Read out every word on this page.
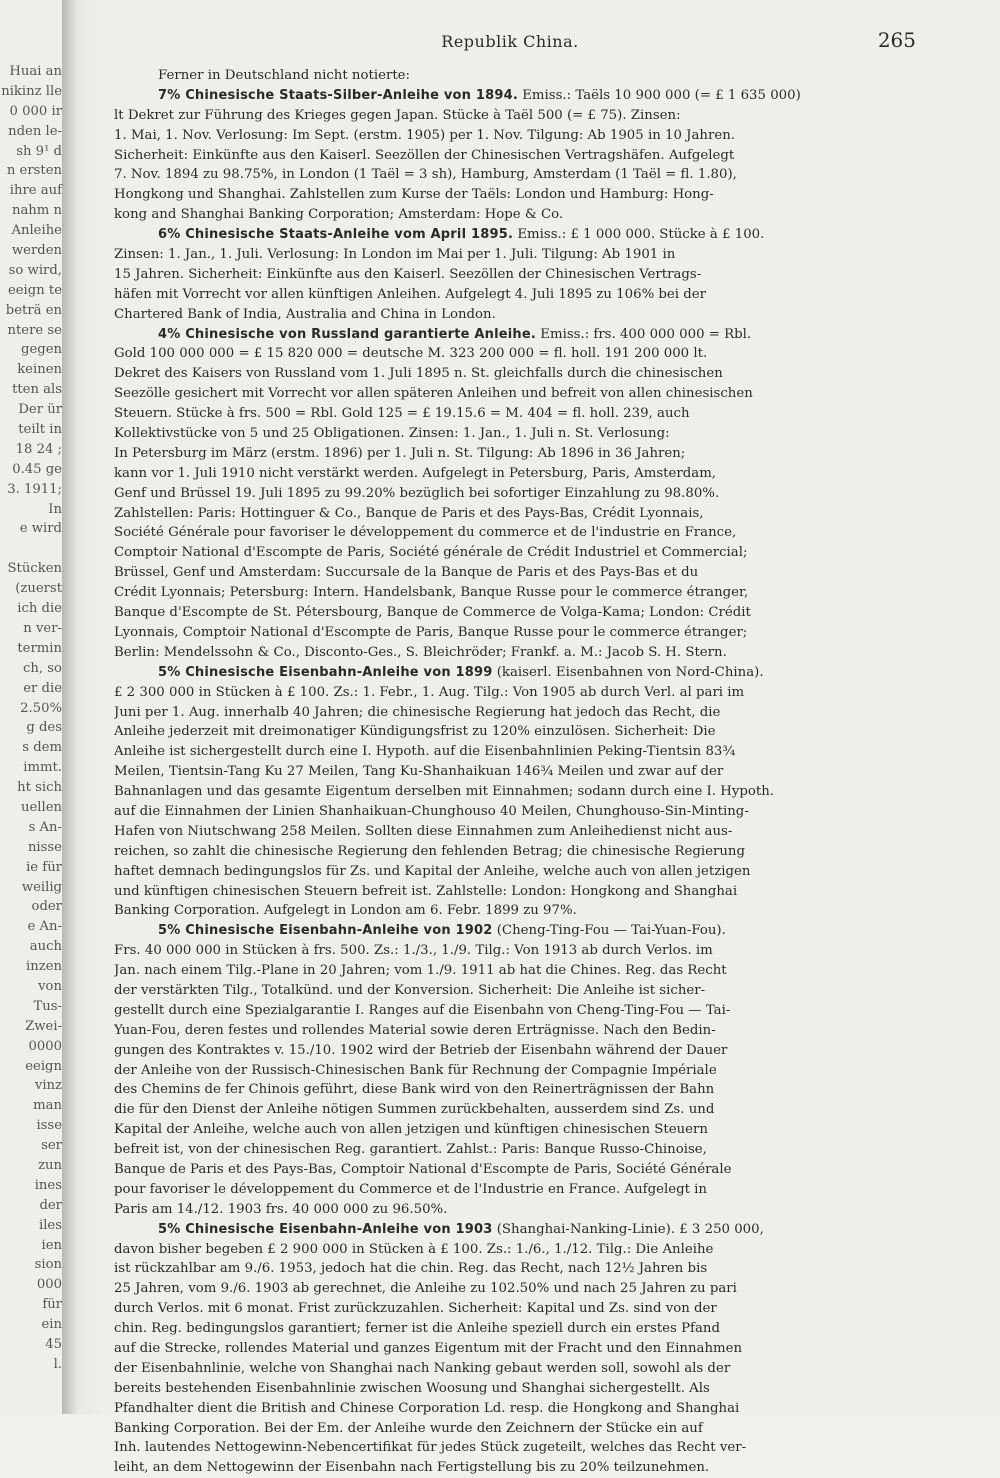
Huai an
nikinz lle
0 000 ir
nden le-
sh 9¹ d
n ersten
ihre auf
nahm n
Anleihe
werden
so wird,
eeign te
beträ en
ntere se
gegen
keinen
tten als
Der ür
teilt in
18 24 ;
0.45 ge
3. 1911;
In
e wird
Stücken
(zuerst
ich die
n ver-
termin
ch, so
er die
2.50%
g des
s dem
immt.
ht sich
uellen
s An-
nisse
ie für
weilig
oder
e An-
auch
inzen
von
Tus-
Zwei-
0000
eeign
vinz
man
isse
ser
zun
ines
der
iles
ien
sion
000
für
ein
45
l.
Republik China.	265
Ferner in Deutschland nicht notierte:
7% Chinesische Staats-Silber-Anleihe von 1894. Emiss.: Taëls 10 900 000 (= £ 1 635 000)
lt Dekret zur Führung des Krieges gegen Japan. Stücke à Taël 500 (= £ 75). Zinsen:
1. Mai, 1. Nov. Verlosung: Im Sept. (erstm. 1905) per 1. Nov. Tilgung: Ab 1905 in 10 Jahren.
Sicherheit: Einkünfte aus den Kaiserl. Seezöllen der Chinesischen Vertragshäfen. Aufgelegt
7. Nov. 1894 zu 98.75%, in London (1 Taël = 3 sh), Hamburg, Amsterdam (1 Taël = fl. 1.80),
Hongkong und Shanghai. Zahlstellen zum Kurse der Taëls: London und Hamburg: Hong-
kong and Shanghai Banking Corporation; Amsterdam: Hope & Co.
6% Chinesische Staats-Anleihe vom April 1895. Emiss.: £ 1 000 000. Stücke à £ 100.
Zinsen: 1. Jan., 1. Juli. Verlosung: In London im Mai per 1. Juli. Tilgung: Ab 1901 in
15 Jahren. Sicherheit: Einkünfte aus den Kaiserl. Seezöllen der Chinesischen Vertrags-
häfen mit Vorrecht vor allen künftigen Anleihen. Aufgelegt 4. Juli 1895 zu 106% bei der
Chartered Bank of India, Australia and China in London.
4% Chinesische von Russland garantierte Anleihe. Emiss.: frs. 400 000 000 = Rbl.
Gold 100 000 000 = £ 15 820 000 = deutsche M. 323 200 000 = fl. holl. 191 200 000 lt.
Dekret des Kaisers von Russland vom 1. Juli 1895 n. St. gleichfalls durch die chinesischen
Seezölle gesichert mit Vorrecht vor allen späteren Anleihen und befreit von allen chinesischen
Steuern. Stücke à frs. 500 = Rbl. Gold 125 = £ 19.15.6 = M. 404 = fl. holl. 239, auch
Kollektivstücke von 5 und 25 Obligationen. Zinsen: 1. Jan., 1. Juli n. St. Verlosung:
In Petersburg im März (erstm. 1896) per 1. Juli n. St. Tilgung: Ab 1896 in 36 Jahren;
kann vor 1. Juli 1910 nicht verstärkt werden. Aufgelegt in Petersburg, Paris, Amsterdam,
Genf und Brüssel 19. Juli 1895 zu 99.20% bezüglich bei sofortiger Einzahlung zu 98.80%.
Zahlstellen: Paris: Hottinguer & Co., Banque de Paris et des Pays-Bas, Crédit Lyonnais,
Société Générale pour favoriser le développement du commerce et de l'industrie en France,
Comptoir National d'Escompte de Paris, Société générale de Crédit Industriel et Commercial;
Brüssel, Genf und Amsterdam: Succursale de la Banque de Paris et des Pays-Bas et du
Crédit Lyonnais; Petersburg: Intern. Handelsbank, Banque Russe pour le commerce étranger,
Banque d'Escompte de St. Pétersbourg, Banque de Commerce de Volga-Kama; London: Crédit
Lyonnais, Comptoir National d'Escompte de Paris, Banque Russe pour le commerce étranger;
Berlin: Mendelssohn & Co., Disconto-Ges., S. Bleichröder; Frankf. a. M.: Jacob S. H. Stern.
5% Chinesische Eisenbahn-Anleihe von 1899 (kaiserl. Eisenbahnen von Nord-China).
£ 2 300 000 in Stücken à £ 100. Zs.: 1. Febr., 1. Aug. Tilg.: Von 1905 ab durch Verl. al pari im
Juni per 1. Aug. innerhalb 40 Jahren; die chinesische Regierung hat jedoch das Recht, die
Anleihe jederzeit mit dreimonatiger Kündigungsfrist zu 120% einzulösen. Sicherheit: Die
Anleihe ist sichergestellt durch eine I. Hypoth. auf die Eisenbahnlinien Peking-Tientsin 83¾
Meilen, Tientsin-Tang Ku 27 Meilen, Tang Ku-Shanhaikuan 146¾ Meilen und zwar auf der
Bahnanlagen und das gesamte Eigentum derselben mit Einnahmen; sodann durch eine I. Hypoth.
auf die Einnahmen der Linien Shanhaikuan-Chunghouso 40 Meilen, Chunghouso-Sin-Minting-
Hafen von Niutschwang 258 Meilen. Sollten diese Einnahmen zum Anleihedienst nicht aus-
reichen, so zahlt die chinesische Regierung den fehlenden Betrag; die chinesische Regierung
haftet demnach bedingungslos für Zs. und Kapital der Anleihe, welche auch von allen jetzigen
und künftigen chinesischen Steuern befreit ist. Zahlstelle: London: Hongkong and Shanghai
Banking Corporation. Aufgelegt in London am 6. Febr. 1899 zu 97%.
5% Chinesische Eisenbahn-Anleihe von 1902 (Cheng-Ting-Fou — Tai-Yuan-Fou).
Frs. 40 000 000 in Stücken à frs. 500. Zs.: 1./3., 1./9. Tilg.: Von 1913 ab durch Verlos. im
Jan. nach einem Tilg.-Plane in 20 Jahren; vom 1./9. 1911 ab hat die Chines. Reg. das Recht
der verstärkten Tilg., Totalkünd. und der Konversion. Sicherheit: Die Anleihe ist sicher-
gestellt durch eine Spezialgarantie I. Ranges auf die Eisenbahn von Cheng-Ting-Fou — Tai-
Yuan-Fou, deren festes und rollendes Material sowie deren Erträgnisse. Nach den Bedin-
gungen des Kontraktes v. 15./10. 1902 wird der Betrieb der Eisenbahn während der Dauer
der Anleihe von der Russisch-Chinesischen Bank für Rechnung der Compagnie Impériale
des Chemins de fer Chinois geführt, diese Bank wird von den Reinerträgnissen der Bahn
die für den Dienst der Anleihe nötigen Summen zurückbehalten, ausserdem sind Zs. und
Kapital der Anleihe, welche auch von allen jetzigen und künftigen chinesischen Steuern
befreit ist, von der chinesischen Reg. garantiert. Zahlst.: Paris: Banque Russo-Chinoise,
Banque de Paris et des Pays-Bas, Comptoir National d'Escompte de Paris, Société Générale
pour favoriser le développement du Commerce et de l'Industrie en France. Aufgelegt in
Paris am 14./12. 1903 frs. 40 000 000 zu 96.50%.
5% Chinesische Eisenbahn-Anleihe von 1903 (Shanghai-Nanking-Linie). £ 3 250 000,
davon bisher begeben £ 2 900 000 in Stücken à £ 100. Zs.: 1./6., 1./12. Tilg.: Die Anleihe
ist rückzahlbar am 9./6. 1953, jedoch hat die chin. Reg. das Recht, nach 12½ Jahren bis
25 Jahren, vom 9./6. 1903 ab gerechnet, die Anleihe zu 102.50% und nach 25 Jahren zu pari
durch Verlos. mit 6 monat. Frist zurückzuzahlen. Sicherheit: Kapital und Zs. sind von der
chin. Reg. bedingungslos garantiert; ferner ist die Anleihe speziell durch ein erstes Pfand
auf die Strecke, rollendes Material und ganzes Eigentum mit der Fracht und den Einnahmen
der Eisenbahnlinie, welche von Shanghai nach Nanking gebaut werden soll, sowohl als der
bereits bestehenden Eisenbahnlinie zwischen Woosung und Shanghai sichergestellt. Als
Pfandhalter dient die British and Chinese Corporation Ld. resp. die Hongkong and Shanghai
Banking Corporation. Bei der Em. der Anleihe wurde den Zeichnern der Stücke ein auf
Inh. lautendes Nettogewinn-Nebencertifikat für jedes Stück zugeteilt, welches das Recht ver-
leiht, an dem Nettogewinn der Eisenbahn nach Fertigstellung bis zu 20% teilzunehmen.
